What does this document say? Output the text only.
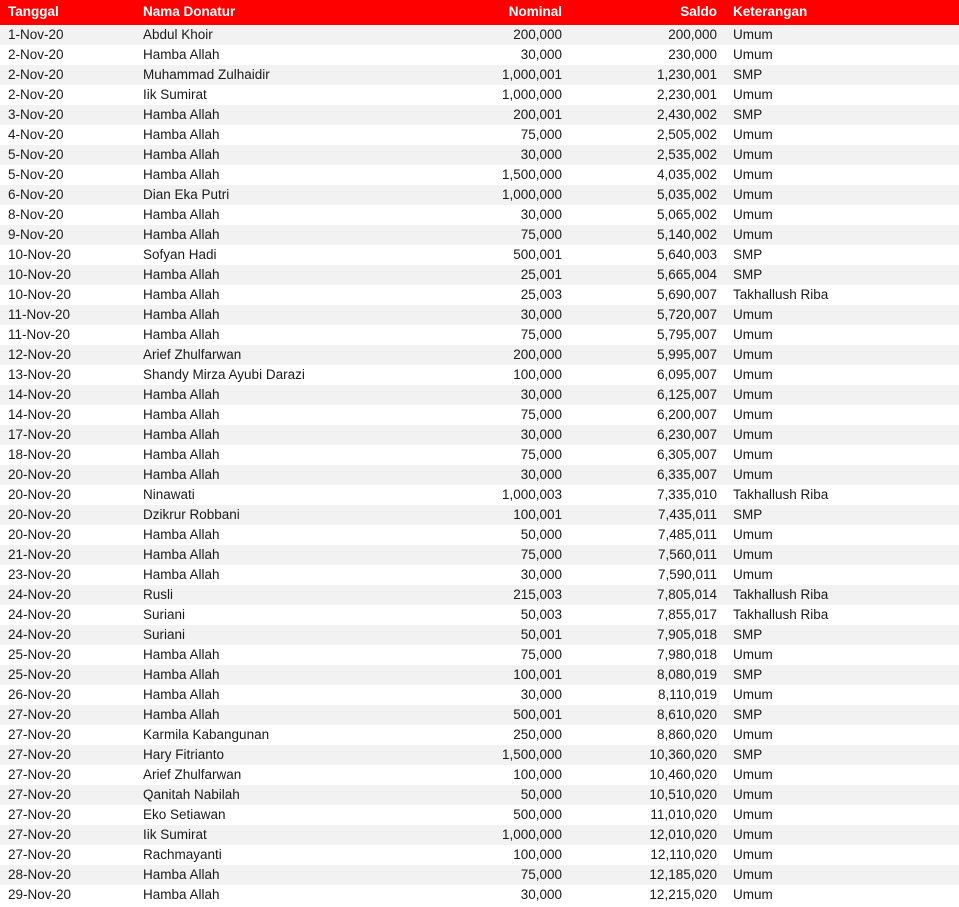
Tanggal	Nama Donatur	Nominal	Saldo	Keterangan
1-Nov-20	Abdul Khoir	200,000	200,000	Umum
2-Nov-20	Hamba Allah	30,000	230,000	Umum
2-Nov-20	Muhammad Zulhaidir	1,000,001	1,230,001	SMP
2-Nov-20	Iik Sumirat	1,000,000	2,230,001	Umum
3-Nov-20	Hamba Allah	200,001	2,430,002	SMP
4-Nov-20	Hamba Allah	75,000	2,505,002	Umum
5-Nov-20	Hamba Allah	30,000	2,535,002	Umum
5-Nov-20	Hamba Allah	1,500,000	4,035,002	Umum
6-Nov-20	Dian Eka Putri	1,000,000	5,035,002	Umum
8-Nov-20	Hamba Allah	30,000	5,065,002	Umum
9-Nov-20	Hamba Allah	75,000	5,140,002	Umum
10-Nov-20	Sofyan Hadi	500,001	5,640,003	SMP
10-Nov-20	Hamba Allah	25,001	5,665,004	SMP
10-Nov-20	Hamba Allah	25,003	5,690,007	Takhallush Riba
11-Nov-20	Hamba Allah	30,000	5,720,007	Umum
11-Nov-20	Hamba Allah	75,000	5,795,007	Umum
12-Nov-20	Arief Zhulfarwan	200,000	5,995,007	Umum
13-Nov-20	Shandy Mirza Ayubi Darazi	100,000	6,095,007	Umum
14-Nov-20	Hamba Allah	30,000	6,125,007	Umum
14-Nov-20	Hamba Allah	75,000	6,200,007	Umum
17-Nov-20	Hamba Allah	30,000	6,230,007	Umum
18-Nov-20	Hamba Allah	75,000	6,305,007	Umum
20-Nov-20	Hamba Allah	30,000	6,335,007	Umum
20-Nov-20	Ninawati	1,000,003	7,335,010	Takhallush Riba
20-Nov-20	Dzikrur Robbani	100,001	7,435,011	SMP
20-Nov-20	Hamba Allah	50,000	7,485,011	Umum
21-Nov-20	Hamba Allah	75,000	7,560,011	Umum
23-Nov-20	Hamba Allah	30,000	7,590,011	Umum
24-Nov-20	Rusli	215,003	7,805,014	Takhallush Riba
24-Nov-20	Suriani	50,003	7,855,017	Takhallush Riba
24-Nov-20	Suriani	50,001	7,905,018	SMP
25-Nov-20	Hamba Allah	75,000	7,980,018	Umum
25-Nov-20	Hamba Allah	100,001	8,080,019	SMP
26-Nov-20	Hamba Allah	30,000	8,110,019	Umum
27-Nov-20	Hamba Allah	500,001	8,610,020	SMP
27-Nov-20	Karmila Kabangunan	250,000	8,860,020	Umum
27-Nov-20	Hary Fitrianto	1,500,000	10,360,020	SMP
27-Nov-20	Arief Zhulfarwan	100,000	10,460,020	Umum
27-Nov-20	Qanitah Nabilah	50,000	10,510,020	Umum
27-Nov-20	Eko Setiawan	500,000	11,010,020	Umum
27-Nov-20	Iik Sumirat	1,000,000	12,010,020	Umum
27-Nov-20	Rachmayanti	100,000	12,110,020	Umum
28-Nov-20	Hamba Allah	75,000	12,185,020	Umum
29-Nov-20	Hamba Allah	30,000	12,215,020	Umum
